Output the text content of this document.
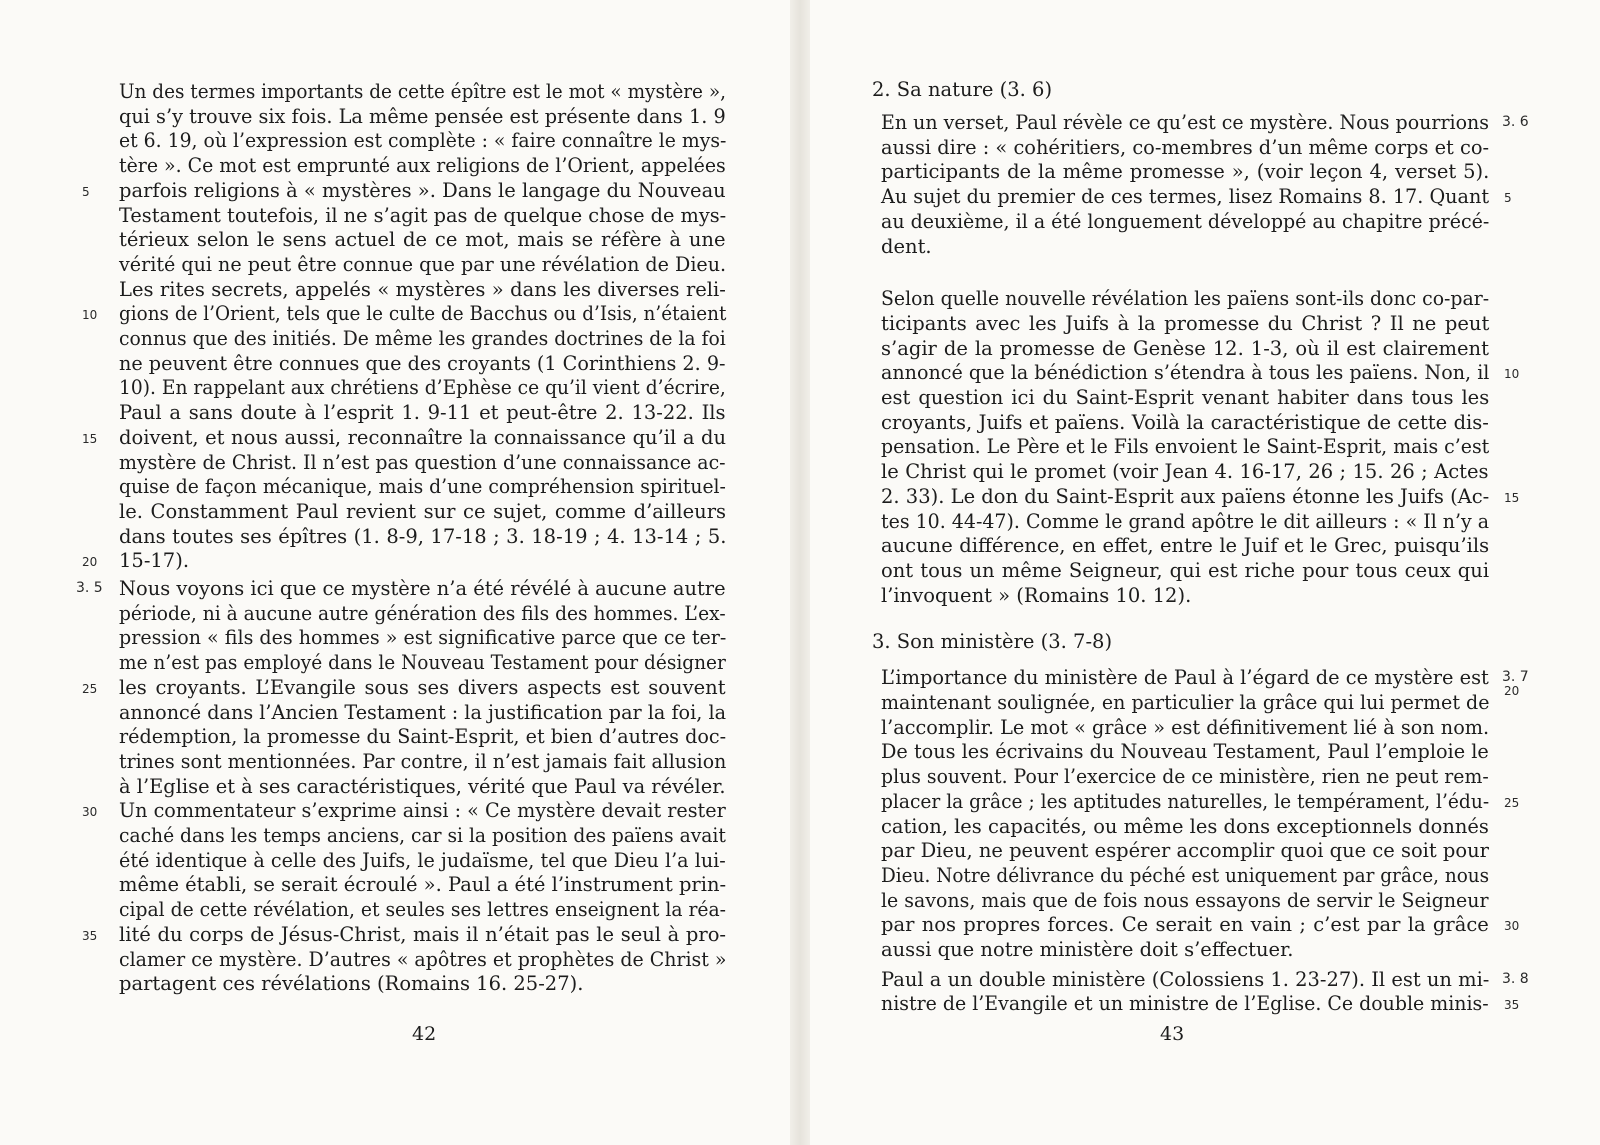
Un des termes importants de cette épître est le mot « mystère »,
qui s’y trouve six fois. La même pensée est présente dans 1. 9
et 6. 19, où l’expression est complète : « faire connaître le mys-
tère ». Ce mot est emprunté aux religions de l’Orient, appelées
parfois religions à « mystères ». Dans le langage du Nouveau
Testament toutefois, il ne s’agit pas de quelque chose de mys-
térieux selon le sens actuel de ce mot, mais se réfère à une
vérité qui ne peut être connue que par une révélation de Dieu.
Les rites secrets, appelés « mystères » dans les diverses reli-
gions de l’Orient, tels que le culte de Bacchus ou d’Isis, n’étaient
connus que des initiés. De même les grandes doctrines de la foi
ne peuvent être connues que des croyants (1 Corinthiens 2. 9-
10). En rappelant aux chrétiens d’Ephèse ce qu’il vient d’écrire,
Paul a sans doute à l’esprit 1. 9-11 et peut-être 2. 13-22. Ils
doivent, et nous aussi, reconnaître la connaissance qu’il a du
mystère de Christ. Il n’est pas question d’une connaissance ac-
quise de façon mécanique, mais d’une compréhension spirituel-
le. Constamment Paul revient sur ce sujet, comme d’ailleurs
dans toutes ses épîtres (1. 8-9, 17-18 ; 3. 18-19 ; 4. 13-14 ; 5.
15-17).
Nous voyons ici que ce mystère n’a été révélé à aucune autre
période, ni à aucune autre génération des fils des hommes. L’ex-
pression « fils des hommes » est significative parce que ce ter-
me n’est pas employé dans le Nouveau Testament pour désigner
les croyants. L’Evangile sous ses divers aspects est souvent
annoncé dans l’Ancien Testament : la justification par la foi, la
rédemption, la promesse du Saint-Esprit, et bien d’autres doc-
trines sont mentionnées. Par contre, il n’est jamais fait allusion
à l’Eglise et à ses caractéristiques, vérité que Paul va révéler.
Un commentateur s’exprime ainsi : « Ce mystère devait rester
caché dans les temps anciens, car si la position des païens avait
été identique à celle des Juifs, le judaïsme, tel que Dieu l’a lui-
même établi, se serait écroulé ». Paul a été l’instrument prin-
cipal de cette révélation, et seules ses lettres enseignent la réa-
lité du corps de Jésus-Christ, mais il n’était pas le seul à pro-
clamer ce mystère. D’autres « apôtres et prophètes de Christ »
partagent ces révélations (Romains 16. 25-27).
5
10
15
20
25
30
35
3. 5
42
2. Sa nature (3. 6)
3. Son ministère (3. 7-8)
En un verset, Paul révèle ce qu’est ce mystère. Nous pourrions
aussi dire : « cohéritiers, co-membres d’un même corps et co-
participants de la même promesse », (voir leçon 4, verset 5).
Au sujet du premier de ces termes, lisez Romains 8. 17. Quant
au deuxième, il a été longuement développé au chapitre précé-
dent.
Selon quelle nouvelle révélation les païens sont-ils donc co-par-
ticipants avec les Juifs à la promesse du Christ ? Il ne peut
s’agir de la promesse de Genèse 12. 1-3, où il est clairement
annoncé que la bénédiction s’étendra à tous les païens. Non, il
est question ici du Saint-Esprit venant habiter dans tous les
croyants, Juifs et païens. Voilà la caractéristique de cette dis-
pensation. Le Père et le Fils envoient le Saint-Esprit, mais c’est
le Christ qui le promet (voir Jean 4. 16-17, 26 ; 15. 26 ; Actes
2. 33). Le don du Saint-Esprit aux païens étonne les Juifs (Ac-
tes 10. 44-47). Comme le grand apôtre le dit ailleurs : « Il n’y a
aucune différence, en effet, entre le Juif et le Grec, puisqu’ils
ont tous un même Seigneur, qui est riche pour tous ceux qui
l’invoquent » (Romains 10. 12).
L’importance du ministère de Paul à l’égard de ce mystère est
maintenant soulignée, en particulier la grâce qui lui permet de
l’accomplir. Le mot « grâce » est définitivement lié à son nom.
De tous les écrivains du Nouveau Testament, Paul l’emploie le
plus souvent. Pour l’exercice de ce ministère, rien ne peut rem-
placer la grâce ; les aptitudes naturelles, le tempérament, l’édu-
cation, les capacités, ou même les dons exceptionnels donnés
par Dieu, ne peuvent espérer accomplir quoi que ce soit pour
Dieu. Notre délivrance du péché est uniquement par grâce, nous
le savons, mais que de fois nous essayons de servir le Seigneur
par nos propres forces. Ce serait en vain ; c’est par la grâce
aussi que notre ministère doit s’effectuer.
Paul a un double ministère (Colossiens 1. 23-27). Il est un mi-
nistre de l’Evangile et un ministre de l’Eglise. Ce double minis-
5
10
15
20
25
30
35
3. 6
3. 7
3. 8
43
